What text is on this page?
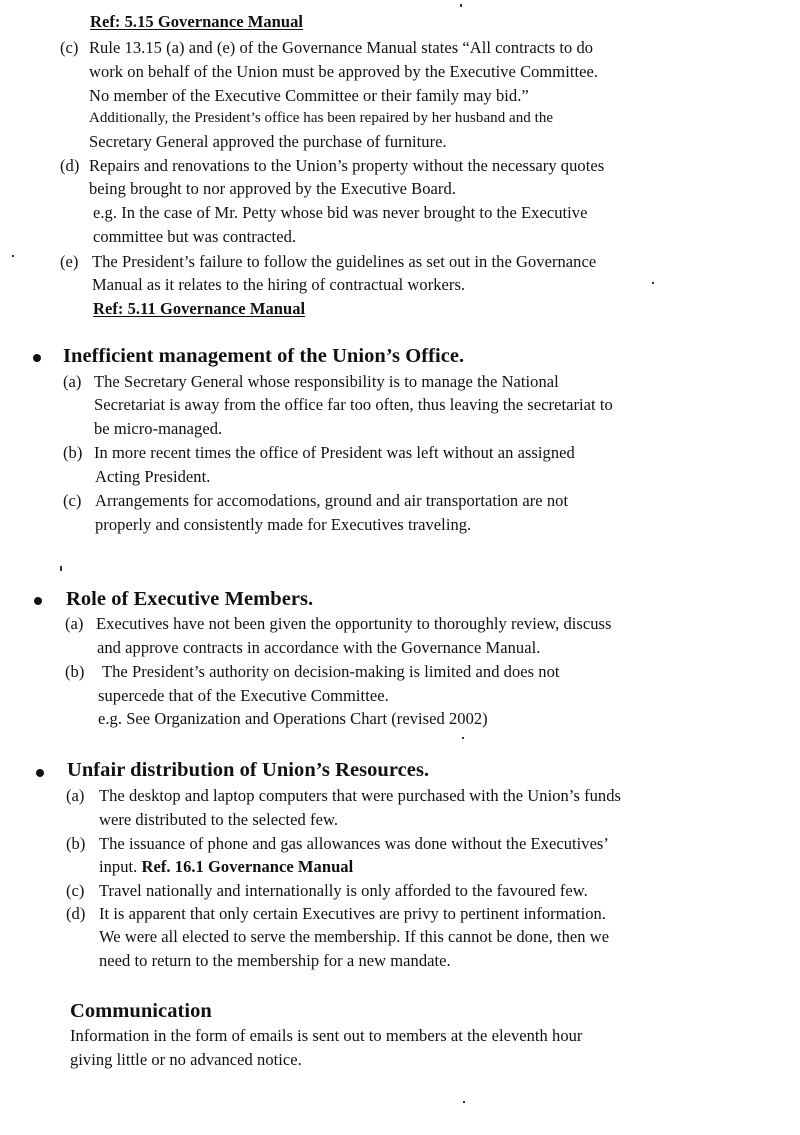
Ref: 5.15 Governance Manual
(c) Rule 13.15 (a) and (e) of the Governance Manual states “All contracts to do
work on behalf of the Union must be approved by the Executive Committee.
No member of the Executive Committee or their family may bid.”
Additionally, the President’s office has been repaired by her husband and the
Secretary General approved the purchase of furniture.
(d) Repairs and renovations to the Union’s property without the necessary quotes
being brought to nor approved by the Executive Board.
e.g. In the case of Mr. Petty whose bid was never brought to the Executive
committee but was contracted.
(e) The President’s failure to follow the guidelines as set out in the Governance
Manual as it relates to the hiring of contractual workers.
Ref: 5.11 Governance Manual
Inefficient management of the Union’s Office.
(a) The Secretary General whose responsibility is to manage the National
Secretariat is away from the office far too often, thus leaving the secretariat to
be micro-managed.
(b) In more recent times the office of President was left without an assigned
Acting President.
(c) Arrangements for accomodations, ground and air transportation are not
properly and consistently made for Executives traveling.
Role of Executive Members.
(a) Executives have not been given the opportunity to thoroughly review, discuss
and approve contracts in accordance with the Governance Manual.
(b) The President’s authority on decision-making is limited and does not
supercede that of the Executive Committee.
e.g. See Organization and Operations Chart (revised 2002)
Unfair distribution of Union’s Resources.
(a) The desktop and laptop computers that were purchased with the Union’s funds
were distributed to the selected few.
(b) The issuance of phone and gas allowances was done without the Executives’
input. Ref. 16.1 Governance Manual
(c) Travel nationally and internationally is only afforded to the favoured few.
(d) It is apparent that only certain Executives are privy to pertinent information.
We were all elected to serve the membership. If this cannot be done, then we
need to return to the membership for a new mandate.
Communication
Information in the form of emails is sent out to members at the eleventh hour
giving little or no advanced notice.
